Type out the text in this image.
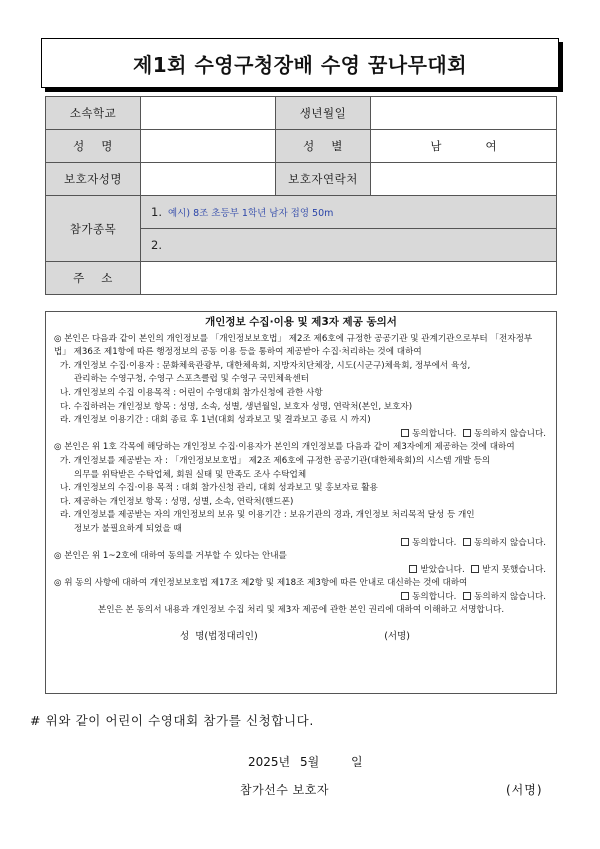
제1회 수영구청장배 수영 꿈나무대회
소속학교		생년월일	
성    명		성    별	남 여
보호자성명		보호자연락처	
참가종목	1. 예시) 8조 초등부 1학년 남자 접영 50m		
	2.		
주    소			
개인정보 수집·이용 및 제3자 제공 동의서

◎ 본인은 다음과 같이 본인의 개인정보를 「개인정보보호법」 제2조 제6호에 규정한 공공기관 및 관계기관으로부터 「전자정부법」 제36조 제1항에 따른 행정정보의 공동 이용 등을 통하여 제공받아 수집·처리하는 것에 대하여

가. 개인정보 수집·이용자 : 문화체육관광부, 대한체육회, 지방자치단체장, 시도(시군구)체육회, 정부에서 육성,

관리하는 수영구청, 수영구 스포츠클럽 및 수영구 국민체육센터

나. 개인정보의 수집 이용목적 : 어린이 수영대회 참가신청에 관한 사항

다. 수집하려는 개인정보 항목 : 성명, 소속, 성별, 생년월일, 보호자 성명, 연락처(본인, 보호자)

라. 개인정보 이용기간 : 대회 종료 후 1년(대회 성과보고 및 결과보고 종료 시 까지)

동의합니다. 동의하지 않습니다.

◎ 본인은 위 1호 각목에 해당하는 개인정보 수집·이용자가 본인의 개인정보를 다음과 같이 제3자에게 제공하는 것에 대하여

가. 개인정보를 제공받는 자 : 「개인정보보호법」 제2조 제6호에 규정한 공공기관(대한체육회)의 시스템 개발 등의

의무를 위탁받은 수탁업체, 회원 실태 및 만족도 조사 수탁업체

나. 개인정보의 수집·이용 목적 : 대회 참가신청 관리, 대회 성과보고 및 홍보자료 활용

다. 제공하는 개인정보 항목 : 성명, 성별, 소속, 연락처(핸드폰)

라. 개인정보를 제공받는 자의 개인정보의 보유 및 이용기간 : 보유기관의 경과, 개인정보 처리목적 달성 등 개인

정보가 불필요하게 되었을 때

동의합니다. 동의하지 않습니다.

◎ 본인은 위 1~2호에 대하여 동의를 거부할 수 있다는 안내를

받았습니다. 받지 못했습니다.

◎ 위 동의 사항에 대하여 개인정보보호법 제17조 제2항 및 제18조 제3항에 따른 안내로 대신하는 것에 대하여

동의합니다. 동의하지 않습니다.

본인은 본 동의서 내용과 개인정보 수집 처리 및 제3자 제공에 관한 본인 권리에 대하여 이해하고 서명합니다.

성  명(법정대리인)	(서명)
# 위와 같이 어린이 수영대회 참가를 신청합니다.
2025년 5월	일
참가선수 보호자	(서명)
